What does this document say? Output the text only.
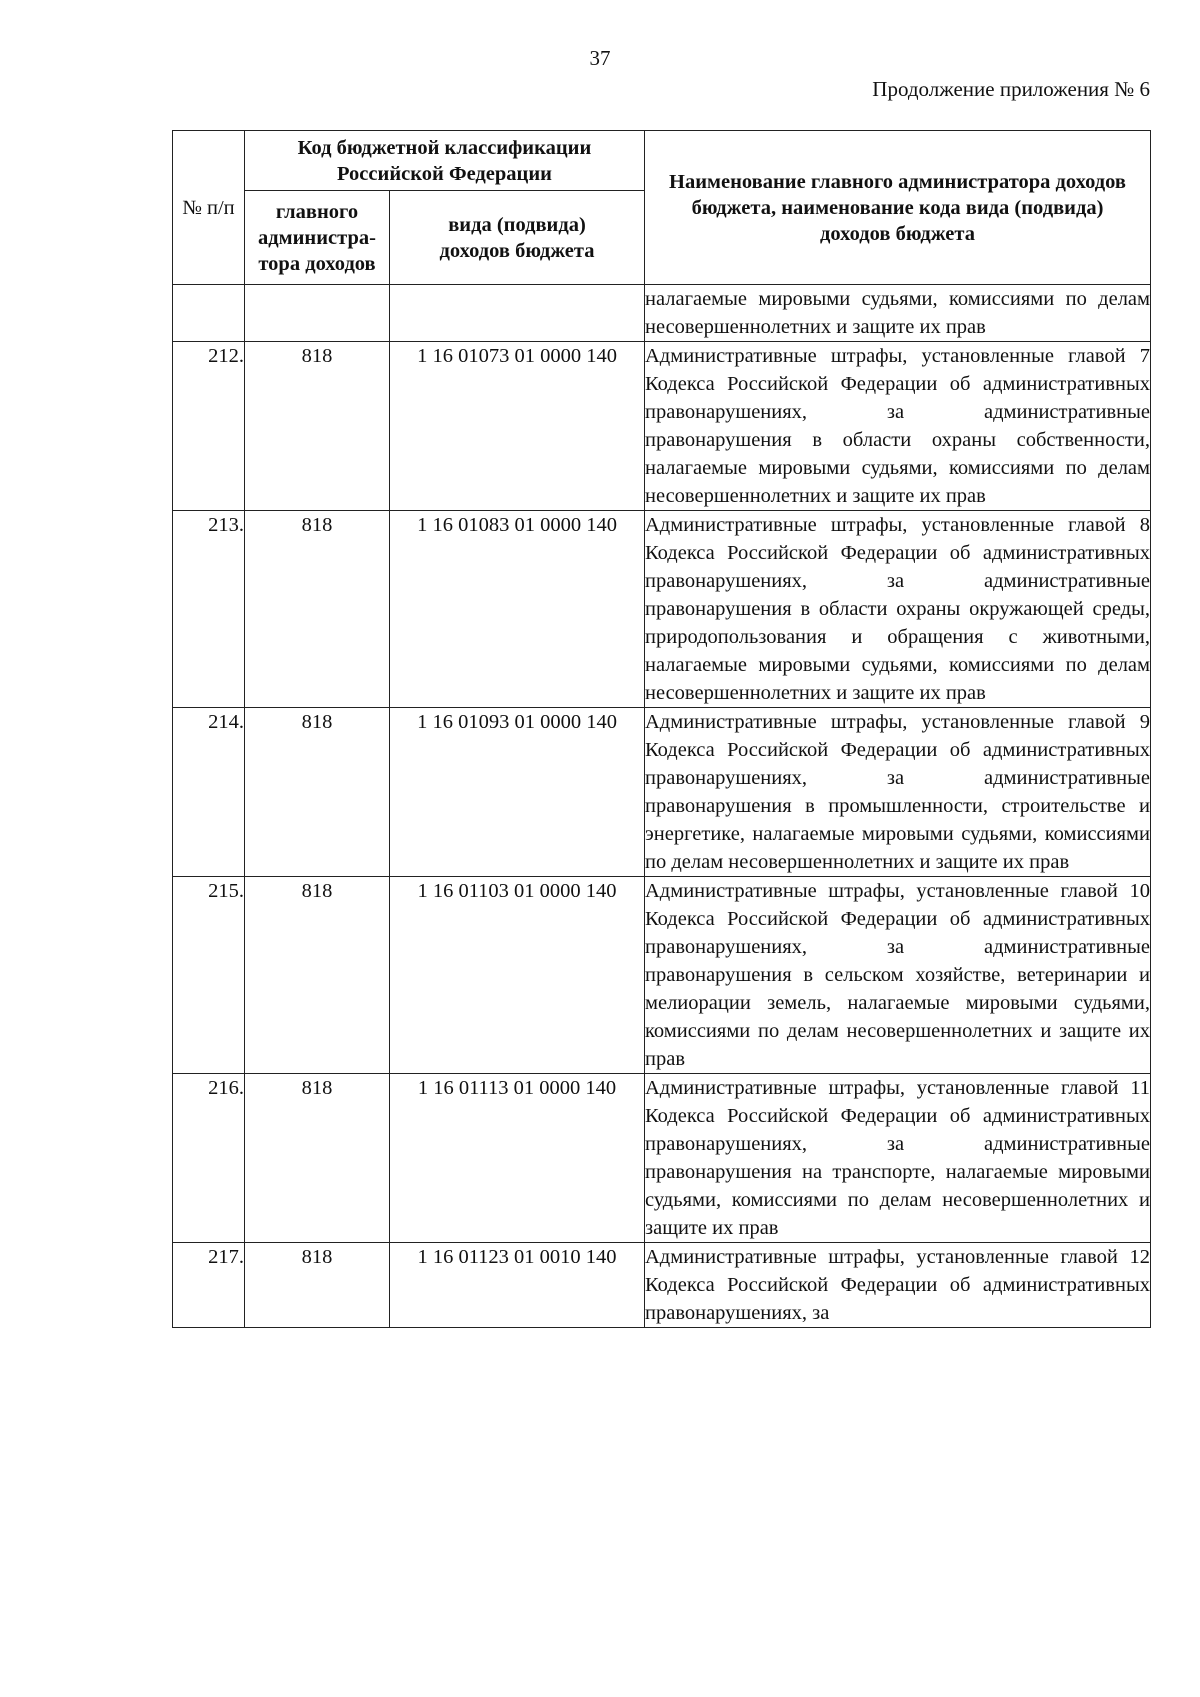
37
Продолжение приложения № 6
№ п/п	Код бюджетной классификации Российской Федерации		Наименование главного администратора доходов бюджета, наименование кода вида (подвида) доходов бюджета
	главного администра-тора доходов	вида (подвида) доходов бюджета	
			налагаемые мировыми судьями, комиссиями по делам несовершеннолетних и защите их прав
212.	818	1 16 01073 01 0000 140	Административные штрафы, установленные главой 7 Кодекса Российской Федерации об административных правонарушениях, за административные правонарушения в области охраны собственности, налагаемые мировыми судьями, комиссиями по делам несовершеннолетних и защите их прав
213.	818	1 16 01083 01 0000 140	Административные штрафы, установленные главой 8 Кодекса Российской Федерации об административных правонарушениях, за административные правонарушения в области охраны окружающей среды, природопользования и обращения с животными, налагаемые мировыми судьями, комиссиями по делам несовершеннолетних и защите их прав
214.	818	1 16 01093 01 0000 140	Административные штрафы, установленные главой 9 Кодекса Российской Федерации об административных правонарушениях, за административные правонарушения в промышленности, строительстве и энергетике, налагаемые мировыми судьями, комиссиями по делам несовершеннолетних и защите их прав
215.	818	1 16 01103 01 0000 140	Административные штрафы, установленные главой 10 Кодекса Российской Федерации об административных правонарушениях, за административные правонарушения в сельском хозяйстве, ветеринарии и мелиорации земель, налагаемые мировыми судьями, комиссиями по делам несовершеннолетних и защите их прав
216.	818	1 16 01113 01 0000 140	Административные штрафы, установленные главой 11 Кодекса Российской Федерации об административных правонарушениях, за административные правонарушения на транспорте, налагаемые мировыми судьями, комиссиями по делам несовершеннолетних и защите их прав
217.	818	1 16 01123 01 0010 140	Административные штрафы, установленные главой 12 Кодекса Российской Федерации об административных правонарушениях, за
